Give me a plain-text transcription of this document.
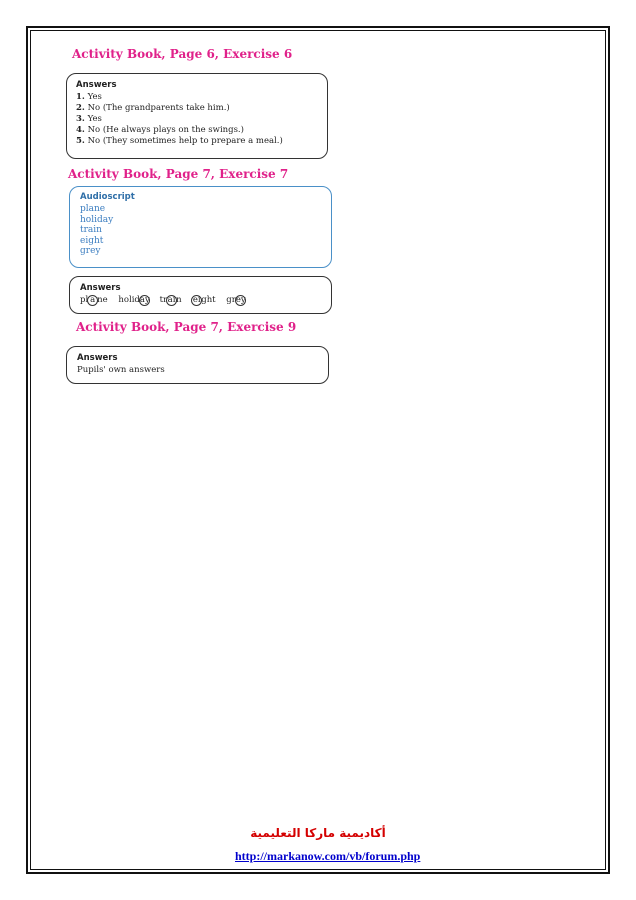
Activity Book, Page 6, Exercise 6
Answers
1. Yes
2. No (The grandparents take him.)
3. Yes
4. No (He always plays on the swings.)
5. No (They sometimes help to prepare a meal.)
Activity Book, Page 7, Exercise 7
Audioscript
plane
holiday
train
eight
grey
Answers
pl a ne holiday train eight grey
Activity Book, Page 7, Exercise 9
Answers
Pupils' own answers
أكاديمية ماركا التعليمية
http://markanow.com/vb/forum.php
